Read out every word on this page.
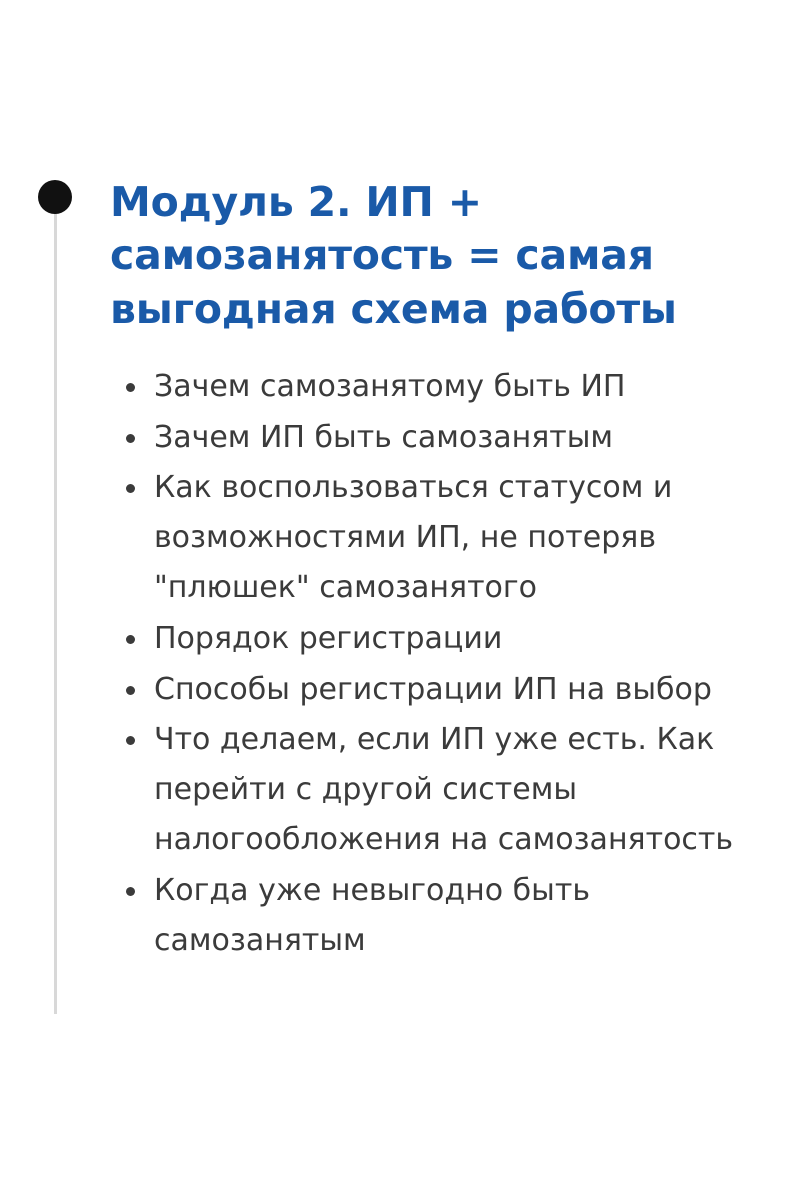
Модуль 2. ИП + самозанятость = самая выгодная схема работы
Зачем самозанятому быть ИП
Зачем ИП быть самозанятым
Как воспользоваться статусом и возможностями ИП, не потеряв "плюшек" самозанятого
Порядок регистрации
Способы регистрации ИП на выбор
Что делаем, если ИП уже есть. Как перейти с другой системы налогообложения на самозанятость
Когда уже невыгодно быть самозанятым
